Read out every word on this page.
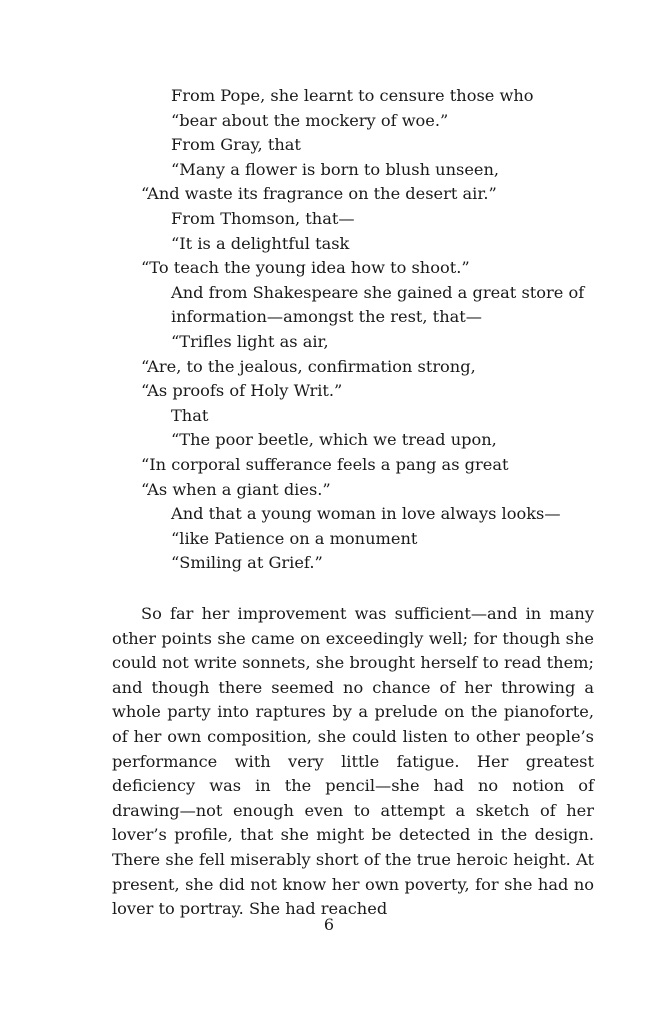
From Pope, she learnt to censure those who
“bear about the mockery of woe.”
From Gray, that
“Many a flower is born to blush unseen,
“And waste its fragrance on the desert air.”
From Thomson, that—
“It is a delightful task
“To teach the young idea how to shoot.”
And from Shakespeare she gained a great store of
information—amongst the rest, that—
“Trifles light as air,
“Are, to the jealous, confirmation strong,
“As proofs of Holy Writ.”
That
“The poor beetle, which we tread upon,
“In corporal sufferance feels a pang as great
“As when a giant dies.”
And that a young woman in love always looks—
“like Patience on a monument
“Smiling at Grief.”

So far her improvement was sufficient—and in many other points she came on exceedingly well; for though she could not write sonnets, she brought herself to read them; and though there seemed no chance of her throwing a whole party into raptures by a prelude on the pianoforte, of her own composition, she could listen to other people’s performance with very little fatigue. Her greatest deficiency was in the pencil—she had no notion of drawing—not enough even to attempt a sketch of her lover’s profile, that she might be detected in the design. There she fell miserably short of the true heroic height. At present, she did not know her own poverty, for she had no lover to portray. She had reached

6
